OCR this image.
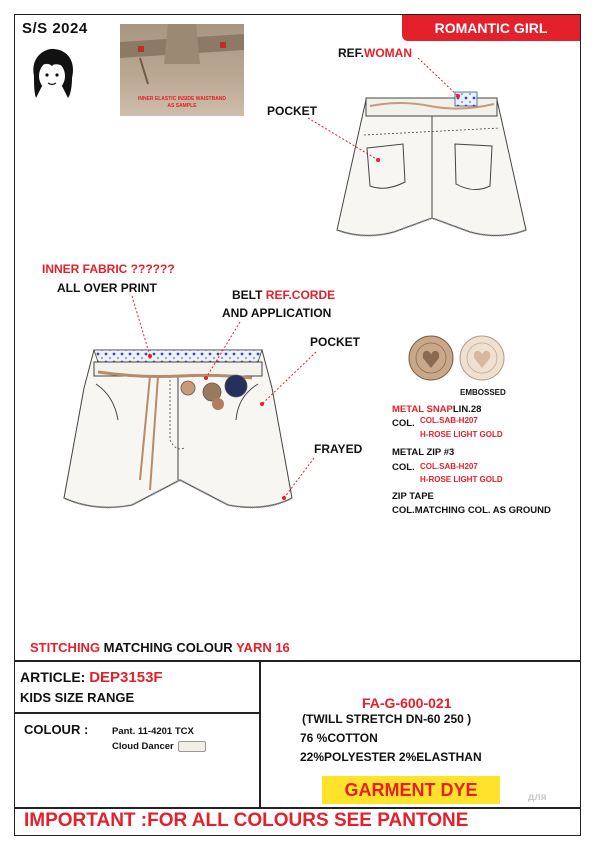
S/S 2024	ROMANTIC GIRL
INNER ELASTIC INSIDE WAISTBAND
AS SAMPLE
REF.WOMAN
POCKET
INNER FABRIC ??????
ALL OVER PRINT	BELT REF.CORDE
AND APPLICATION
POCKET
FRAYED
EMBOSSED
METAL SNAPLIN.28
COL. COL.SAB-H207
H-ROSE LIGHT GOLD
METAL ZIP #3
COL. COL.SAB-H207
H-ROSE LIGHT GOLD
ZIP TAPE
COL.MATCHING COL. AS GROUND
STITCHING MATCHING COLOUR YARN 16
ARTICLE: DEP3153F
KIDS SIZE RANGE
COLOUR : Pant. 11-4201 TCX
Cloud Dancer
FA-G-600-021
(TWILL STRETCH DN-60 250 )
76 %COTTON
22%POLYESTER 2%ELASTHAN
GARMENT DYE
IMPORTANT :FOR ALL COLOURS SEE PANTONE
для
